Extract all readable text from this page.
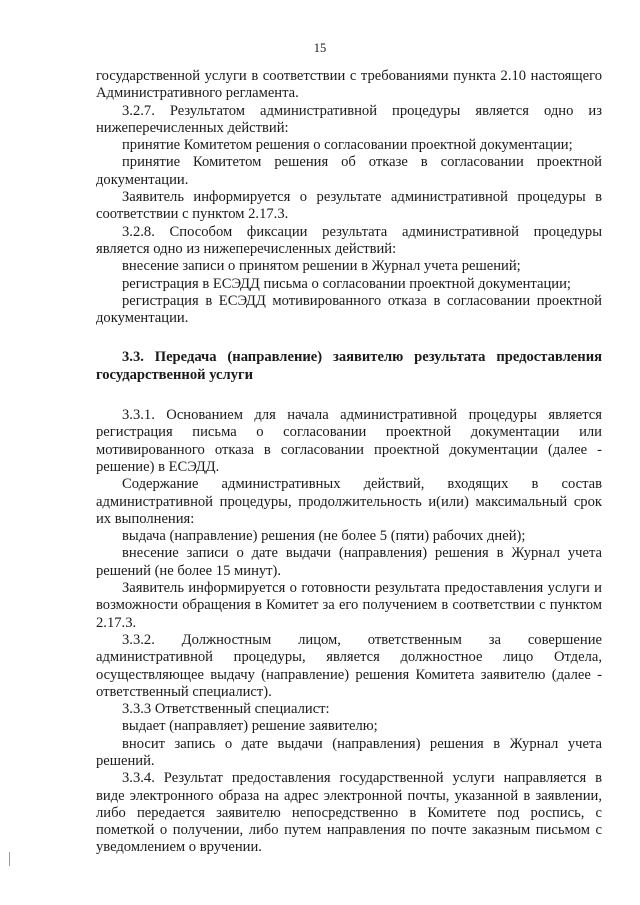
15

государственной услуги в соответствии с требованиями пункта 2.10 настоящего Административного регламента.

3.2.7. Результатом административной процедуры является одно из нижеперечисленных действий:

принятие Комитетом решения о согласовании проектной документации;

принятие Комитетом решения об отказе в согласовании проектной документации.

Заявитель информируется о результате административной процедуры в соответствии с пунктом 2.17.3.

3.2.8. Способом фиксации результата административной процедуры является одно из нижеперечисленных действий:

внесение записи о принятом решении в Журнал учета решений;

регистрация в ЕСЭДД письма о согласовании проектной документации;

регистрация в ЕСЭДД мотивированного отказа в согласовании проектной документации.

3.3. Передача (направление) заявителю результата предоставления государственной услуги

3.3.1. Основанием для начала административной процедуры является регистрация письма о согласовании проектной документации или мотивированного отказа в согласовании проектной документации (далее - решение) в ЕСЭДД.

Содержание административных действий, входящих в состав административной процедуры, продолжительность и(или) максимальный срок их выполнения:

выдача (направление) решения (не более 5 (пяти) рабочих дней);

внесение записи о дате выдачи (направления) решения в Журнал учета решений (не более 15 минут).

Заявитель информируется о готовности результата предоставления услуги и возможности обращения в Комитет за его получением в соответствии с пунктом 2.17.3.

3.3.2. Должностным лицом, ответственным за совершение административной процедуры, является должностное лицо Отдела, осуществляющее выдачу (направление) решения Комитета заявителю (далее - ответственный специалист).

3.3.3 Ответственный специалист:

выдает (направляет) решение заявителю;

вносит запись о дате выдачи (направления) решения в Журнал учета решений.

3.3.4. Результат предоставления государственной услуги направляется в виде электронного образа на адрес электронной почты, указанной в заявлении, либо передается заявителю непосредственно в Комитете под роспись, с пометкой о получении, либо путем направления по почте заказным письмом с уведомлением о вручении.
